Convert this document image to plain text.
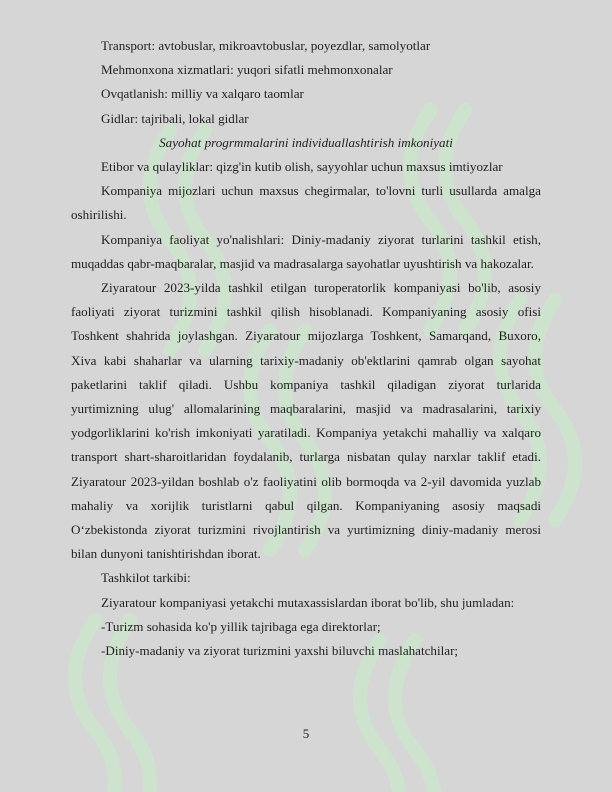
Transport: avtobuslar, mikroavtobuslar, poyezdlar, samolyotlar

Mehmonxona xizmatlari: yuqori sifatli mehmonxonalar

Ovqatlanish: milliy va xalqaro taomlar

Gidlar: tajribali, lokal gidlar

Sayohat progrmmalarini individuallashtirish imkoniyati

Etibor va qulayliklar: qizg'in kutib olish, sayyohlar uchun maxsus imtiyozlar

Kompaniya mijozlari uchun maxsus chegirmalar, to'lovni turli usullarda amalga oshirilishi.

Kompaniya faoliyat yo'nalishlari: Diniy-madaniy ziyorat turlarini tashkil etish, muqaddas qabr-maqbaralar, masjid va madrasalarga sayohatlar uyushtirish va hakozalar.

Ziyaratour 2023-yilda tashkil etilgan turoperatorlik kompaniyasi bo'lib, asosiy faoliyati ziyorat turizmini tashkil qilish hisoblanadi. Kompaniyaning asosiy ofisi Toshkent shahrida joylashgan. Ziyaratour mijozlarga Toshkent, Samarqand, Buxoro, Xiva kabi shaharlar va ularning tarixiy-madaniy ob'ektlarini qamrab olgan sayohat paketlarini taklif qiladi. Ushbu kompaniya tashkil qiladigan ziyorat turlarida yurtimizning ulug' allomalarining maqbaralarini, masjid va madrasalarini, tarixiy yodgorliklarini ko'rish imkoniyati yaratiladi. Kompaniya yetakchi mahalliy va xalqaro transport shart-sharoitlaridan foydalanib, turlarga nisbatan qulay narxlar taklif etadi. Ziyaratour 2023-yildan boshlab o'z faoliyatini olib bormoqda va 2-yil davomida yuzlab mahaliy va xorijlik turistlarni qabul qilgan. Kompaniyaning asosiy maqsadi O‘zbekistonda ziyorat turizmini rivojlantirish va yurtimizning diniy-madaniy merosi bilan dunyoni tanishtirishdan iborat.

Tashkilot tarkibi:

Ziyaratour kompaniyasi yetakchi mutaxassislardan iborat bo'lib, shu jumladan:

-Turizm sohasida ko'p yillik tajribaga ega direktorlar;

-Diniy-madaniy va ziyorat turizmini yaxshi biluvchi maslahatchilar;

5
